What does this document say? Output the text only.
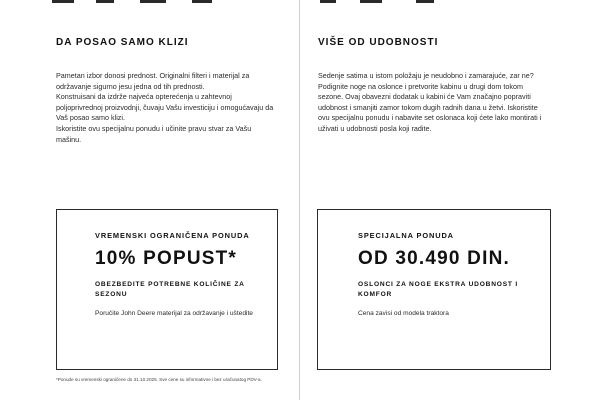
DA POSAO SAMO KLIZI

Pametan izbor donosi prednost. Originalni filteri i materijal za održavanje sigurno jesu jedna od tih prednosti.

Konstruisani da izdrže najveća opterećenja u zahtevnoj poljoprivrednoj proizvodnji, čuvaju Vašu investiciju i omogućavaju da Vaš posao samo klizi.

Iskoristite ovu specijalnu ponudu i učinite pravu stvar za Vašu mašinu.

VREMENSKI OGRANIČENA PONUDA
10% POPUST*
OBEZBEDITE POTREBNE KOLIČINE ZA SEZONU
Poručite John Deere materijal za održavanje i uštedite
VIŠE OD UDOBNOSTI

Sedenje satima u istom položaju je neudobno i zamarajuće, zar ne? Podignite noge na oslonce i pretvorite kabinu u drugi dom tokom sezone. Ovaj obavezni dodatak u kabini će Vam značajno popraviti udobnost i smanjiti zamor tokom dugih radnih dana u žetvi. Iskoristite ovu specijalnu ponudu i nabavite set oslonaca koji ćete lako montirati i uživati u udobnosti posla koji radite.

SPECIJALNA PONUDA
OD 30.490 DIN.
OSLONCI ZA NOGE EKSTRA UDOBNOST I KOMFOR
Cena zavisi od modela traktora
*Ponude su vremenski ograničene do 31.10.2025. Sve cene su informativne i bez uračunatog PDV-a.
